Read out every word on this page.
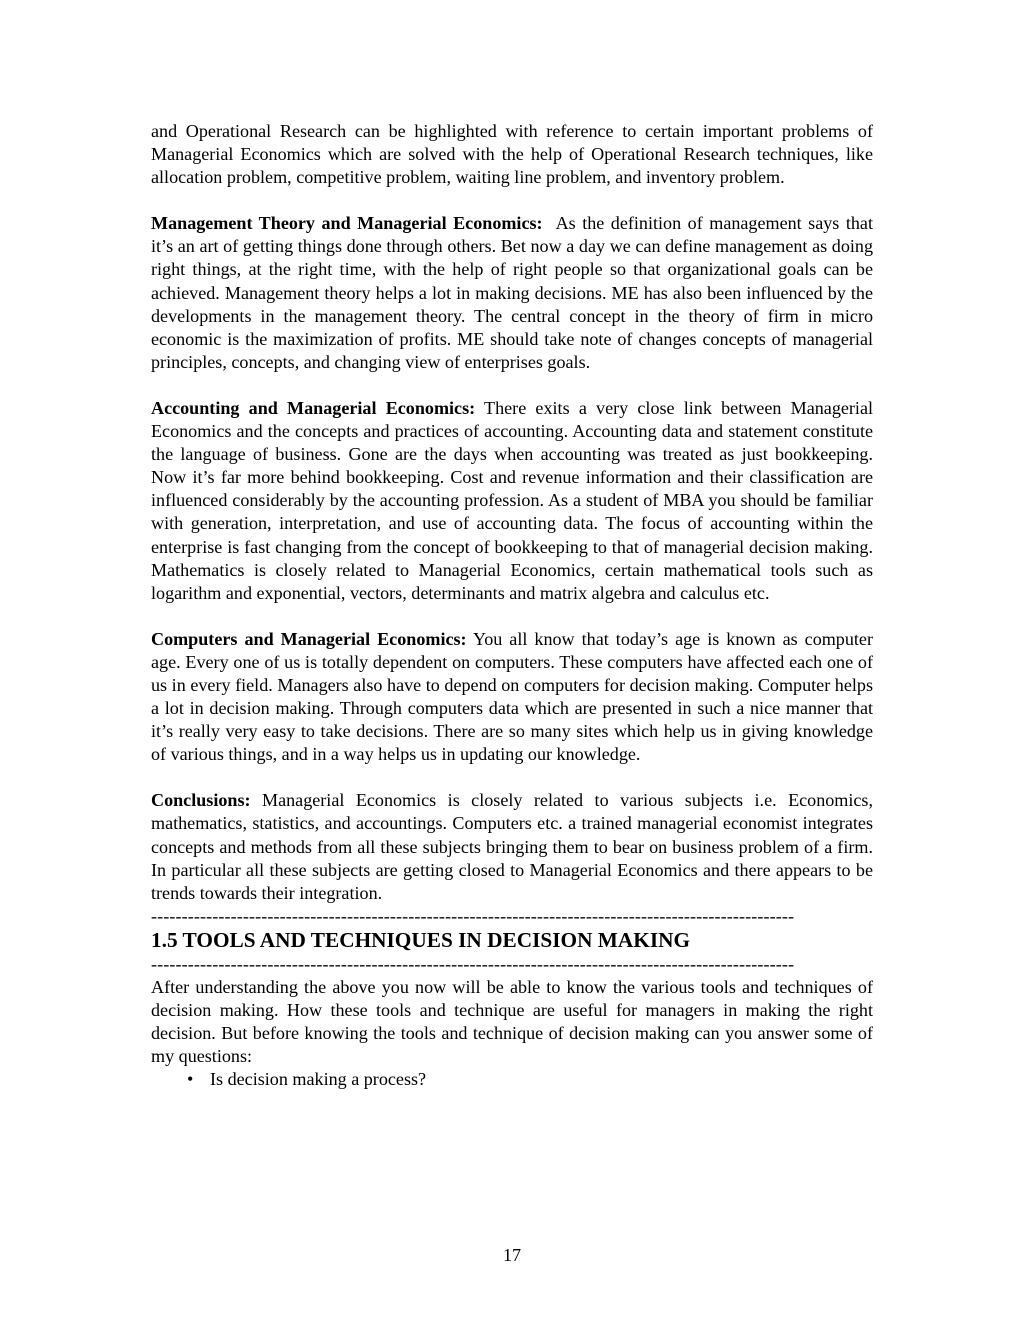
and Operational Research can be highlighted with reference to certain important problems of Managerial Economics which are solved with the help of Operational Research techniques, like allocation problem, competitive problem, waiting line problem, and inventory problem.

Management Theory and Managerial Economics: As the definition of management says that it’s an art of getting things done through others. Bet now a day we can define management as doing right things, at the right time, with the help of right people so that organizational goals can be achieved. Management theory helps a lot in making decisions. ME has also been influenced by the developments in the management theory. The central concept in the theory of firm in micro economic is the maximization of profits. ME should take note of changes concepts of managerial principles, concepts, and changing view of enterprises goals.

Accounting and Managerial Economics: There exits a very close link between Managerial Economics and the concepts and practices of accounting. Accounting data and statement constitute the language of business. Gone are the days when accounting was treated as just bookkeeping. Now it’s far more behind bookkeeping. Cost and revenue information and their classification are influenced considerably by the accounting profession. As a student of MBA you should be familiar with generation, interpretation, and use of accounting data. The focus of accounting within the enterprise is fast changing from the concept of bookkeeping to that of managerial decision making. Mathematics is closely related to Managerial Economics, certain mathematical tools such as logarithm and exponential, vectors, determinants and matrix algebra and calculus etc.

Computers and Managerial Economics: You all know that today’s age is known as computer age. Every one of us is totally dependent on computers. These computers have affected each one of us in every field. Managers also have to depend on computers for decision making. Computer helps a lot in decision making. Through computers data which are presented in such a nice manner that it’s really very easy to take decisions. There are so many sites which help us in giving knowledge of various things, and in a way helps us in updating our knowledge.

Conclusions: Managerial Economics is closely related to various subjects i.e. Economics, mathematics, statistics, and accountings. Computers etc. a trained managerial economist integrates concepts and methods from all these subjects bringing them to bear on business problem of a firm. In particular all these subjects are getting closed to Managerial Economics and there appears to be trends towards their integration.

---------------------------------------------------------------------------------------------------------
1.5 TOOLS AND TECHNIQUES IN DECISION MAKING
---------------------------------------------------------------------------------------------------------

After understanding the above you now will be able to know the various tools and techniques of decision making. How these tools and technique are useful for managers in making the right decision. But before knowing the tools and technique of decision making can you answer some of my questions:

• Is decision making a process?
17
